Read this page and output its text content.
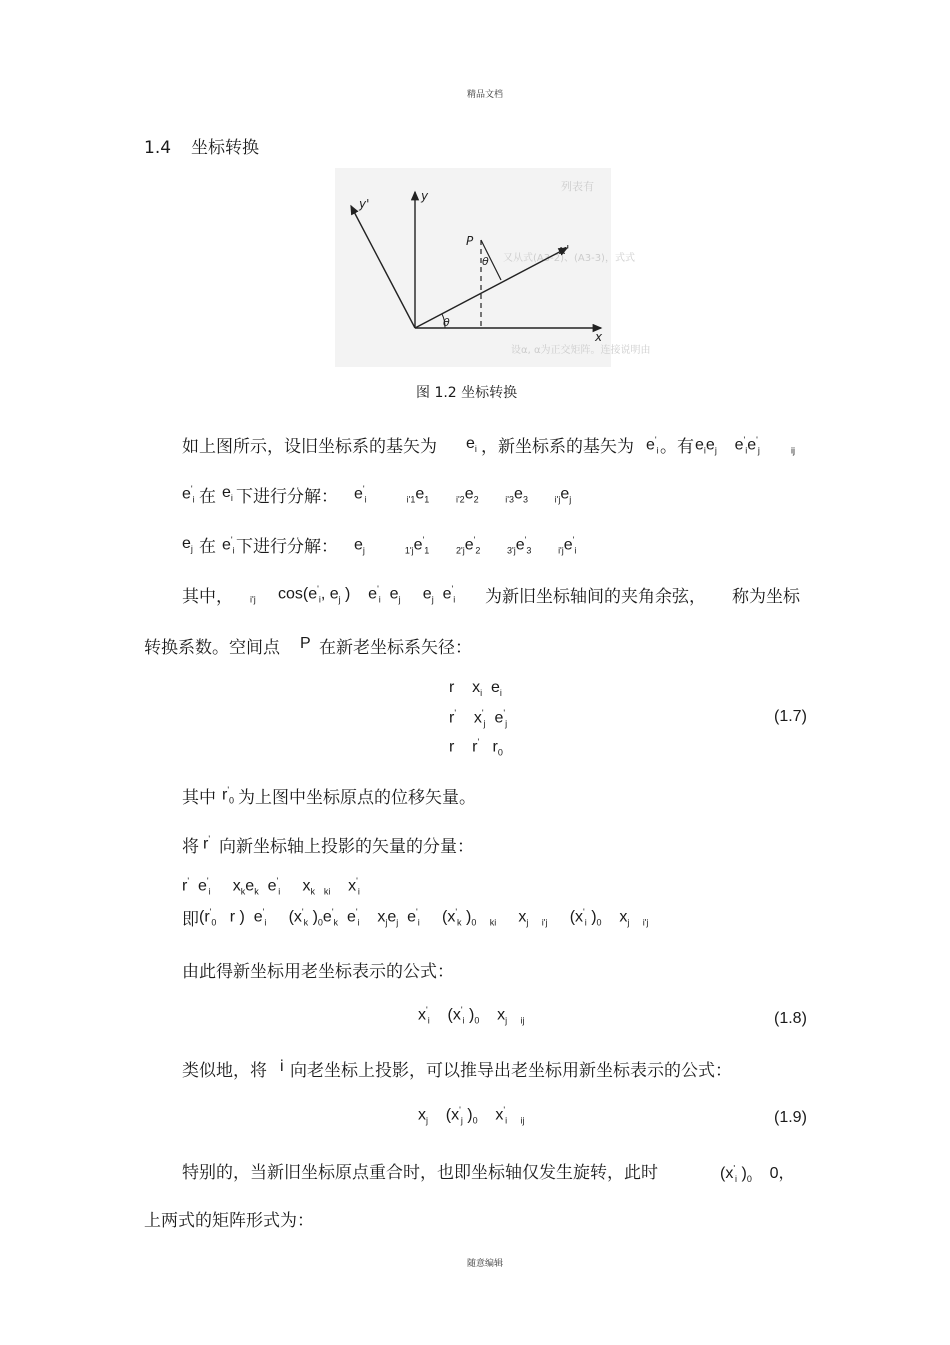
精品文档
随意编辑
1.4 坐标转换
列表有
又从式(A3-2)、(A3-3)，式式
设α, α为正交矩阵。连接说明由
y'
y
P
θ
x'
θ
x
图 1.2 坐标转换
如上图所示，设旧坐标系的基矢为 $e_i$ ，新坐标系的基矢为 $e'_i$ 。有 $e_ie_j$    $e'_ie'_j$	$_{ij}$
$e'_i$ 在 $e_i$ 下进行分解： $e'_i$	$_{i'1}e_1$	$_{i'2}e_2$	$_{i'3}e_3$	$_{i'j}e_j$
$e_j$ 在 $e'_i$ 下进行分解： $e_j$	$_{1'j}e'_1$	$_{2'j}e'_2$	$_{3'j}e'_3$	$_{i'j}e'_i$
其中， $_{i'j}$ $\cos(e'_i$, $e_j$ )    $e'_i$  $e_j$     $e_j$  $e'_i$ 为新旧坐标轴间的夹角余弦， 称为坐标
转换系数。空间点 P 在新老坐标系矢径：
r    $x_i$  $e_i$
r'    $x'_j$  $e'_j$
r    r'   $r_0$
(1.7)
其中 $r'_0$ 为上图中坐标原点的位移矢量。
将 r' 向新坐标轴上投影的矢量的分量：
r'  $e'_i$     $x_ke_k$  $e'_i$     $x_k$ $_{ki}$    $x'_i$
即 ($r'_0$   r )  $e'_i$     ($x'_k$ )$_0e'_k$  $e'_i$    $x_je_j$  $e'_i$     ($x'_k$ )$_0$ $_{ki}$     $x_j$ $_{i'j}$     ($x'_i$ )$_0$    $x_j$ $_{i'j}$
由此得新坐标用老坐标表示的公式：
$x'_i$    ($x'_i$ )$_0$    $x_j$ $_{ij}$	(1.8)
类似地，将 i 向老坐标上投影，可以推导出老坐标用新坐标表示的公式：
$x_j$    ($x'_j$ )$_0$    $x'_i$ $_{ij}$	(1.9)
特别的，当新旧坐标原点重合时，也即坐标轴仅发生旋转，此时	($x'_i$ )$_0$ 0，
上两式的矩阵形式为：
